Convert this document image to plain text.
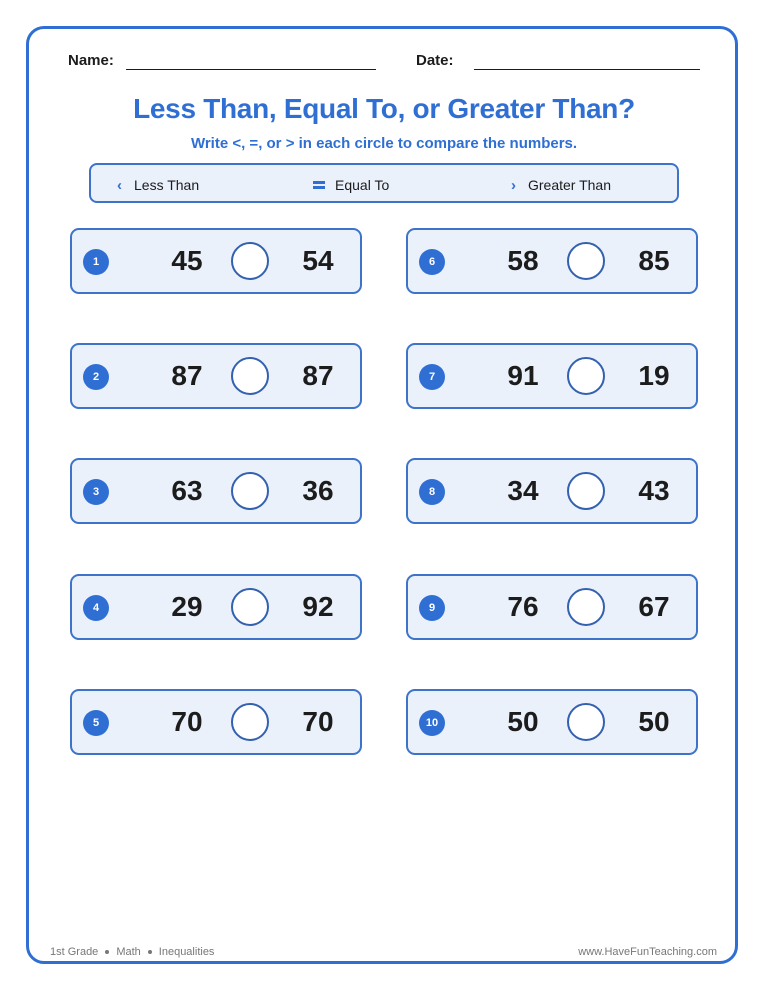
Name:	Date:
Less Than, Equal To, or Greater Than?
Write <, =, or > in each circle to compare the numbers.
‹ Less Than	Equal To	› Greater Than
1	45	54
2	87	87
3	63	36
4	29	92
5	70	70
6	58	85
7	91	19
8	34	43
9	76	67
10	50	50
1st Grade Math Inequalities	www.HaveFunTeaching.com
